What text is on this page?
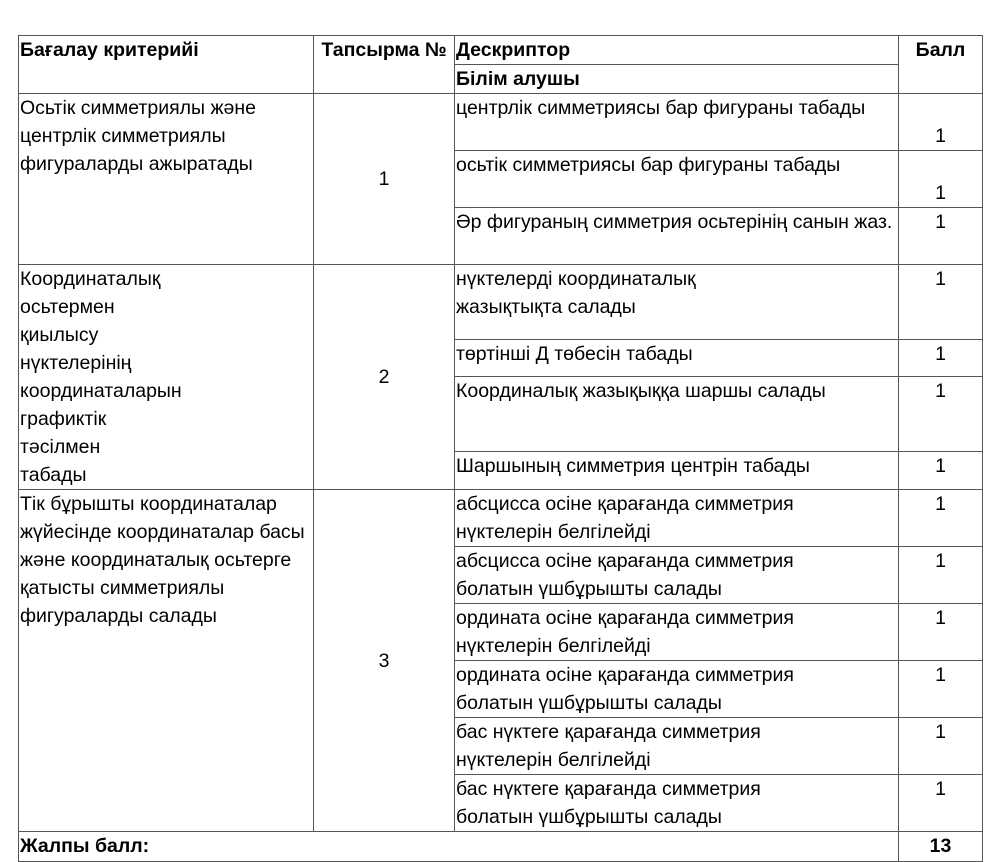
Бағалау критерийі	Тапсырма №	Дескриптор	Балл
		Білім алушы	
Осьтік симметриялы және центрлік симметриялы фигураларды ажыратады	1	центрлік симметриясы бар фигураны табады	1
		осьтік симметриясы бар фигураны табады	1
		Әр фигураның симметрия осьтерінің санын жаз.	1
Координаталық осьтермен қиылысу нүктелерінің координаталарын графиктік тәсілмен табады	2	нүктелерді координаталық жазықтықта салады	1
		төртінші Д төбесін табады	1
		Координалық жазықыққа шаршы салады	1
		Шаршының симметрия центрін табады	1
Тік бұрышты координаталар жүйесінде координаталар басы және координаталық осьтерге қатысты симметриялы фигураларды салады	3	абсцисса осіне қарағанда симметрия нүктелерін белгілейді	1
		абсцисса осіне қарағанда симметрия болатын үшбұрышты салады	1
		ордината осіне қарағанда симметрия нүктелерін белгілейді	1
		ордината осіне қарағанда симметрия болатын үшбұрышты салады	1
		бас нүктеге қарағанда симметрия нүктелерін белгілейді	1
		бас нүктеге қарағанда симметрия болатын үшбұрышты салады	1
Жалпы балл:			13
